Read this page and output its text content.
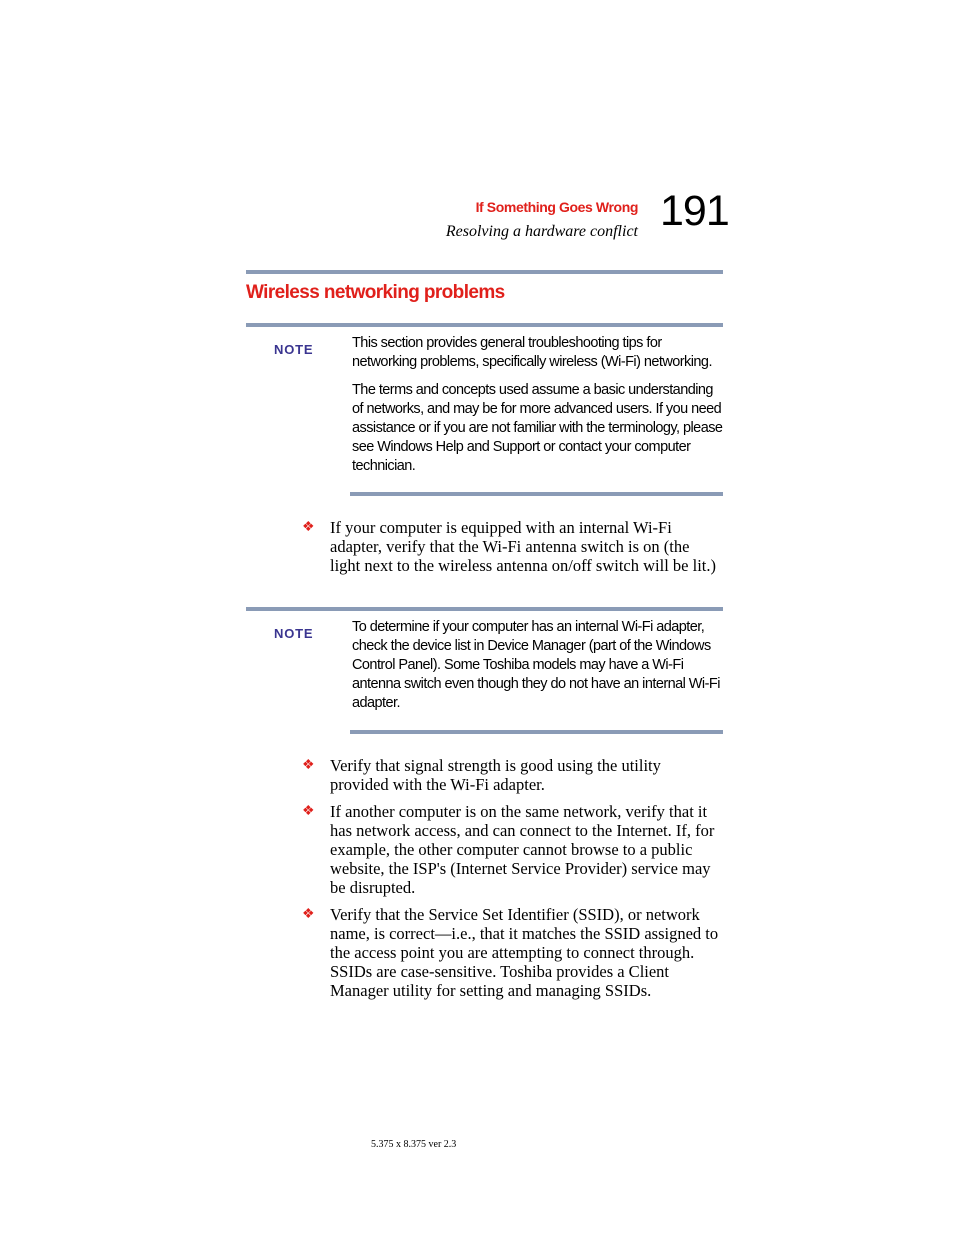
If Something Goes Wrong
Resolving a hardware conflict 191
Wireless networking problems
NOTE	This section provides general troubleshooting tips for networking problems, specifically wireless (Wi-Fi) networking.

The terms and concepts used assume a basic understanding of networks, and may be for more advanced users. If you need assistance or if you are not familiar with the terminology, please see Windows Help and Support or contact your computer technician.

❖ If your computer is equipped with an internal Wi-Fi adapter, verify that the Wi-Fi antenna switch is on (the light next to the wireless antenna on/off switch will be lit.)
NOTE	To determine if your computer has an internal Wi-Fi adapter, check the device list in Device Manager (part of the Windows Control Panel). Some Toshiba models may have a Wi-Fi antenna switch even though they do not have an internal Wi-Fi adapter.

❖ Verify that signal strength is good using the utility provided with the Wi-Fi adapter.
❖ If another computer is on the same network, verify that it has network access, and can connect to the Internet. If, for example, the other computer cannot browse to a public website, the ISP's (Internet Service Provider) service may be disrupted.
❖ Verify that the Service Set Identifier (SSID), or network name, is correct—i.e., that it matches the SSID assigned to the access point you are attempting to connect through. SSIDs are case-sensitive. Toshiba provides a Client Manager utility for setting and managing SSIDs.
5.375 x 8.375 ver 2.3
